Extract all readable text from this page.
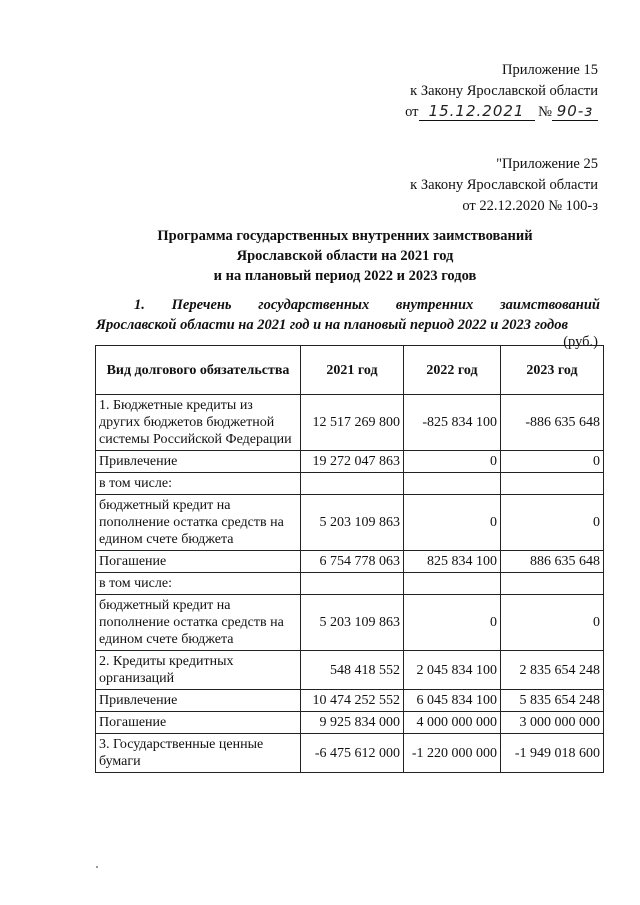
Приложение 15
к Закону Ярославской области
от 15.12.2021 № 90-з
"Приложение 25
к Закону Ярославской области
от 22.12.2020 № 100-з
Программа государственных внутренних заимствований
Ярославской области на 2021 год
и на плановый период 2022 и 2023 годов
1. Перечень государственных внутренних заимствований
Ярославской области на 2021 год и на плановый период 2022 и 2023 годов
(руб.)
Вид долгового обязательства	2021 год	2022 год	2023 год
1. Бюджетные кредиты из других бюджетов бюджетной системы Российской Федерации	12 517 269 800	-825 834 100	-886 635 648
Привлечение	19 272 047 863	0	0
в том числе:			
бюджетный кредит на пополнение остатка средств на едином счете бюджета	5 203 109 863	0	0
Погашение	6 754 778 063	825 834 100	886 635 648
в том числе:			
бюджетный кредит на пополнение остатка средств на едином счете бюджета	5 203 109 863	0	0
2. Кредиты кредитных организаций	548 418 552	2 045 834 100	2 835 654 248
Привлечение	10 474 252 552	6 045 834 100	5 835 654 248
Погашение	9 925 834 000	4 000 000 000	3 000 000 000
3. Государственные ценные бумаги	-6 475 612 000	-1 220 000 000	-1 949 018 600
